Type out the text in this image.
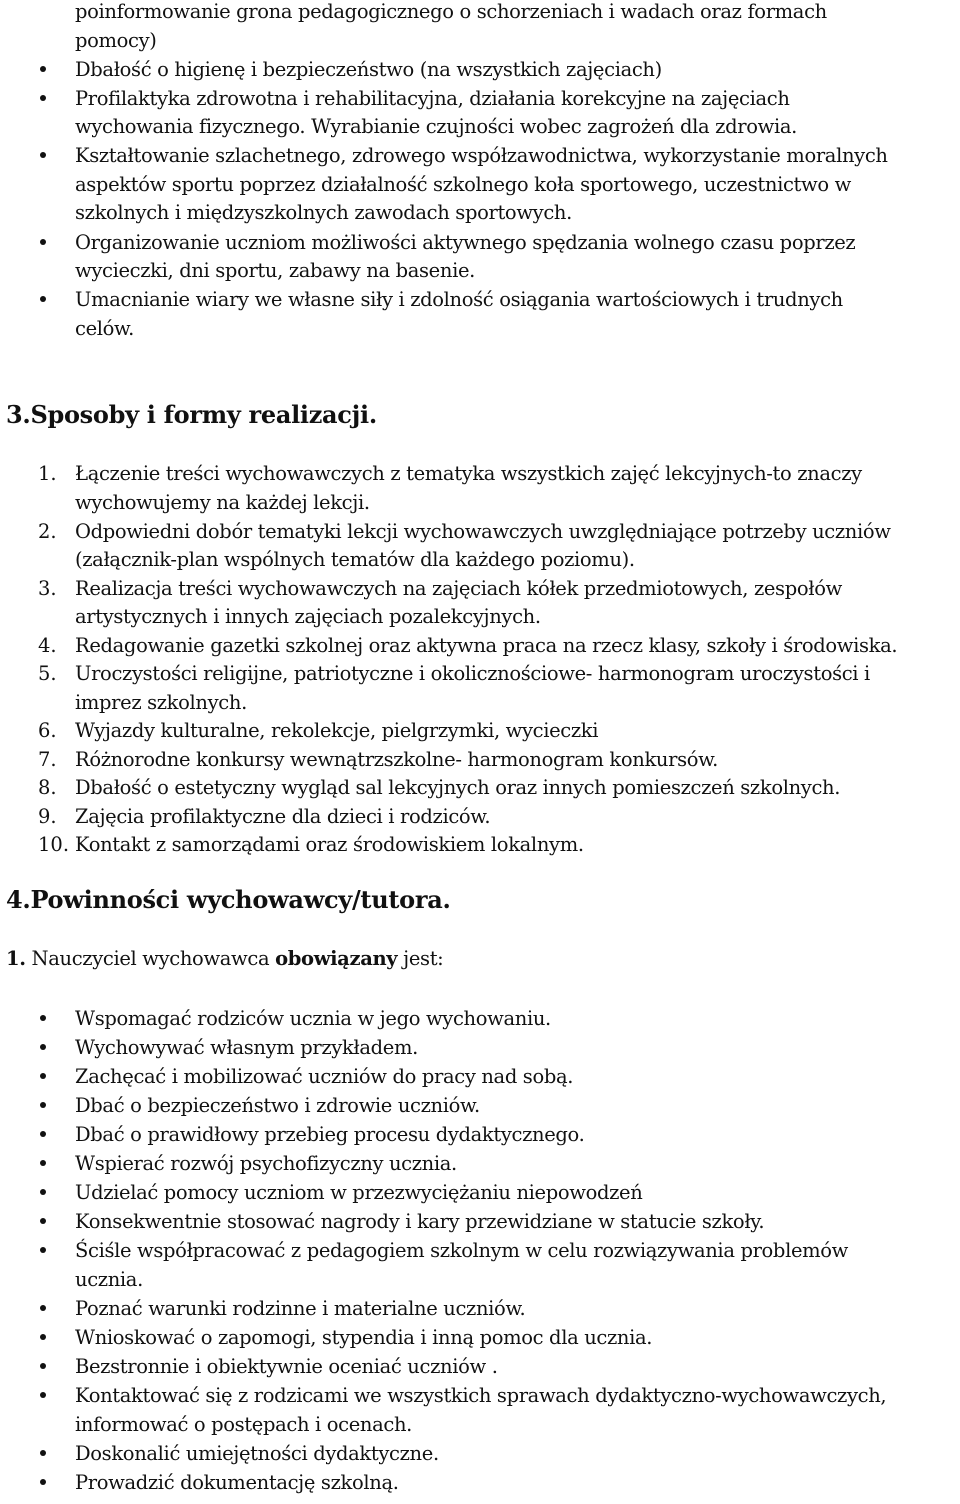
poinformowanie grona pedagogicznego o schorzeniach i wadach oraz formach
pomocy)
Dbałość o higienę i bezpieczeństwo (na wszystkich zajęciach)
Profilaktyka zdrowotna i rehabilitacyjna, działania korekcyjne na zajęciach
wychowania fizycznego. Wyrabianie czujności wobec zagrożeń dla zdrowia.
Kształtowanie szlachetnego, zdrowego współzawodnictwa, wykorzystanie moralnych
aspektów sportu poprzez działalność szkolnego koła sportowego, uczestnictwo w
szkolnych i międzyszkolnych zawodach sportowych.
Organizowanie uczniom możliwości aktywnego spędzania wolnego czasu poprzez
wycieczki, dni sportu, zabawy na basenie.
Umacnianie wiary we własne siły i zdolność osiągania wartościowych i trudnych
celów.
3.Sposoby i formy realizacji.
1. Łączenie treści wychowawczych z tematyka wszystkich zajęć lekcyjnych-to znaczy
wychowujemy na każdej lekcji.
2. Odpowiedni dobór tematyki lekcji wychowawczych uwzględniające potrzeby uczniów
(załącznik-plan wspólnych tematów dla każdego poziomu).
3. Realizacja treści wychowawczych na zajęciach kółek przedmiotowych, zespołów
artystycznych i innych zajęciach pozalekcyjnych.
4. Redagowanie gazetki szkolnej oraz aktywna praca na rzecz klasy, szkoły i środowiska.
5. Uroczystości religijne, patriotyczne i okolicznościowe- harmonogram uroczystości i
imprez szkolnych.
6. Wyjazdy kulturalne, rekolekcje, pielgrzymki, wycieczki
7. Różnorodne konkursy wewnątrzszkolne- harmonogram konkursów.
8. Dbałość o estetyczny wygląd sal lekcyjnych oraz innych pomieszczeń szkolnych.
9. Zajęcia profilaktyczne dla dzieci i rodziców.
10. Kontakt z samorządami oraz środowiskiem lokalnym.
4.Powinności wychowawcy/tutora.
1. Nauczyciel wychowawca obowiązany jest:
Wspomagać rodziców ucznia w jego wychowaniu.
Wychowywać własnym przykładem.
Zachęcać i mobilizować uczniów do pracy nad sobą.
Dbać o bezpieczeństwo i zdrowie uczniów.
Dbać o prawidłowy przebieg procesu dydaktycznego.
Wspierać rozwój psychofizyczny ucznia.
Udzielać pomocy uczniom w przezwyciężaniu niepowodzeń
Konsekwentnie stosować nagrody i kary przewidziane w statucie szkoły.
Ściśle współpracować z pedagogiem szkolnym w celu rozwiązywania problemów
ucznia.
Poznać warunki rodzinne i materialne uczniów.
Wnioskować o zapomogi, stypendia i inną pomoc dla ucznia.
Bezstronnie i obiektywnie oceniać uczniów .
Kontaktować się z rodzicami we wszystkich sprawach dydaktyczno-wychowawczych,
informować o postępach i ocenach.
Doskonalić umiejętności dydaktyczne.
Prowadzić dokumentację szkolną.
